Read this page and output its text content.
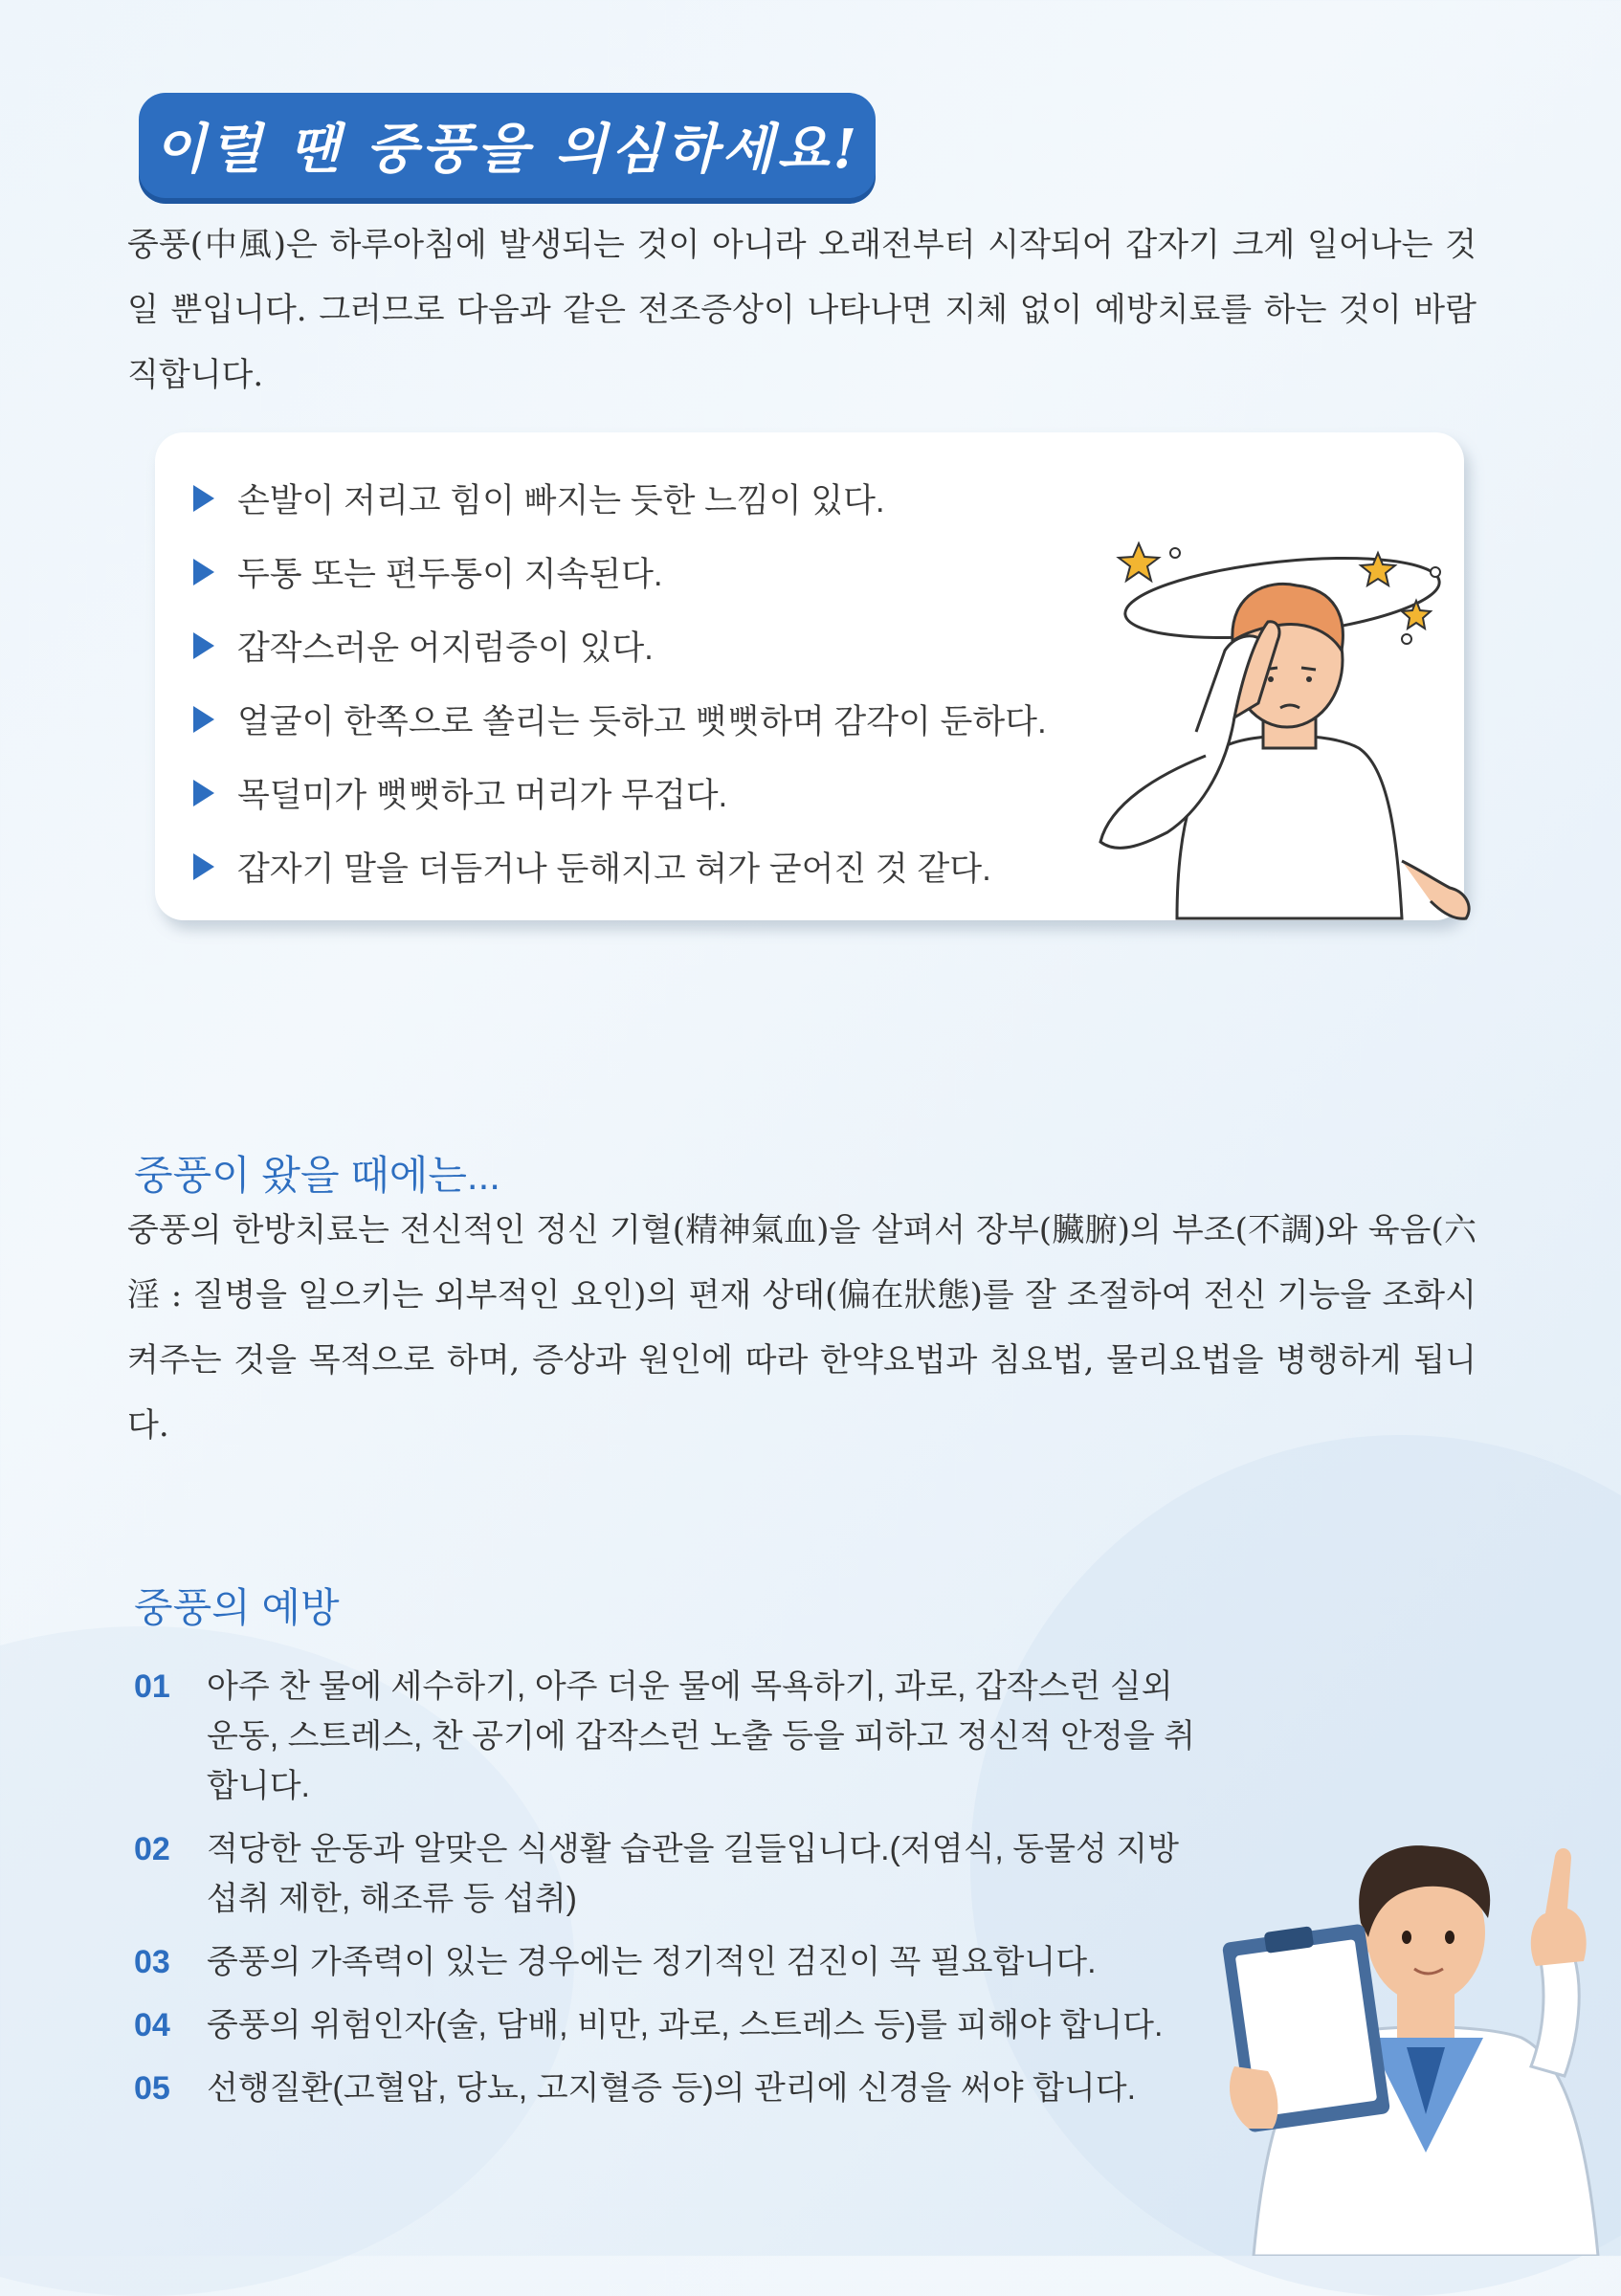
이럴 땐 중풍을 의심하세요!

중풍(中風)은 하루아침에 발생되는 것이 아니라 오래전부터 시작되어 갑자기 크게 일어나는 것일 뿐입니다. 그러므로 다음과 같은 전조증상이 나타나면 지체 없이 예방치료를 하는 것이 바람직합니다.

손발이 저리고 힘이 빠지는 듯한 느낌이 있다.
두통 또는 편두통이 지속된다.
갑작스러운 어지럼증이 있다.
얼굴이 한쪽으로 쏠리는 듯하고 뻣뻣하며 감각이 둔하다.
목덜미가 뻣뻣하고 머리가 무겁다.
갑자기 말을 더듬거나 둔해지고 혀가 굳어진 것 같다.
중풍이 왔을 때에는...

중풍의 한방치료는 전신적인 정신 기혈(精神氣血)을 살펴서 장부(臟腑)의 부조(不調)와 육음(六淫 : 질병을 일으키는 외부적인 요인)의 편재 상태(偏在狀態)를 잘 조절하여 전신 기능을 조화시켜주는 것을 목적으로 하며, 증상과 원인에 따라 한약요법과 침요법, 물리요법을 병행하게 됩니다.

중풍의 예방
01	아주 찬 물에 세수하기, 아주 더운 물에 목욕하기, 과로, 갑작스런 실외 운동, 스트레스, 찬 공기에 갑작스런 노출 등을 피하고 정신적 안정을 취합니다.
02	적당한 운동과 알맞은 식생활 습관을 길들입니다.(저염식, 동물성 지방 섭취 제한, 해조류 등 섭취)
03	중풍의 가족력이 있는 경우에는 정기적인 검진이 꼭 필요합니다.
04	중풍의 위험인자(술, 담배, 비만, 과로, 스트레스 등)를 피해야 합니다.
05	선행질환(고혈압, 당뇨, 고지혈증 등)의 관리에 신경을 써야 합니다.
